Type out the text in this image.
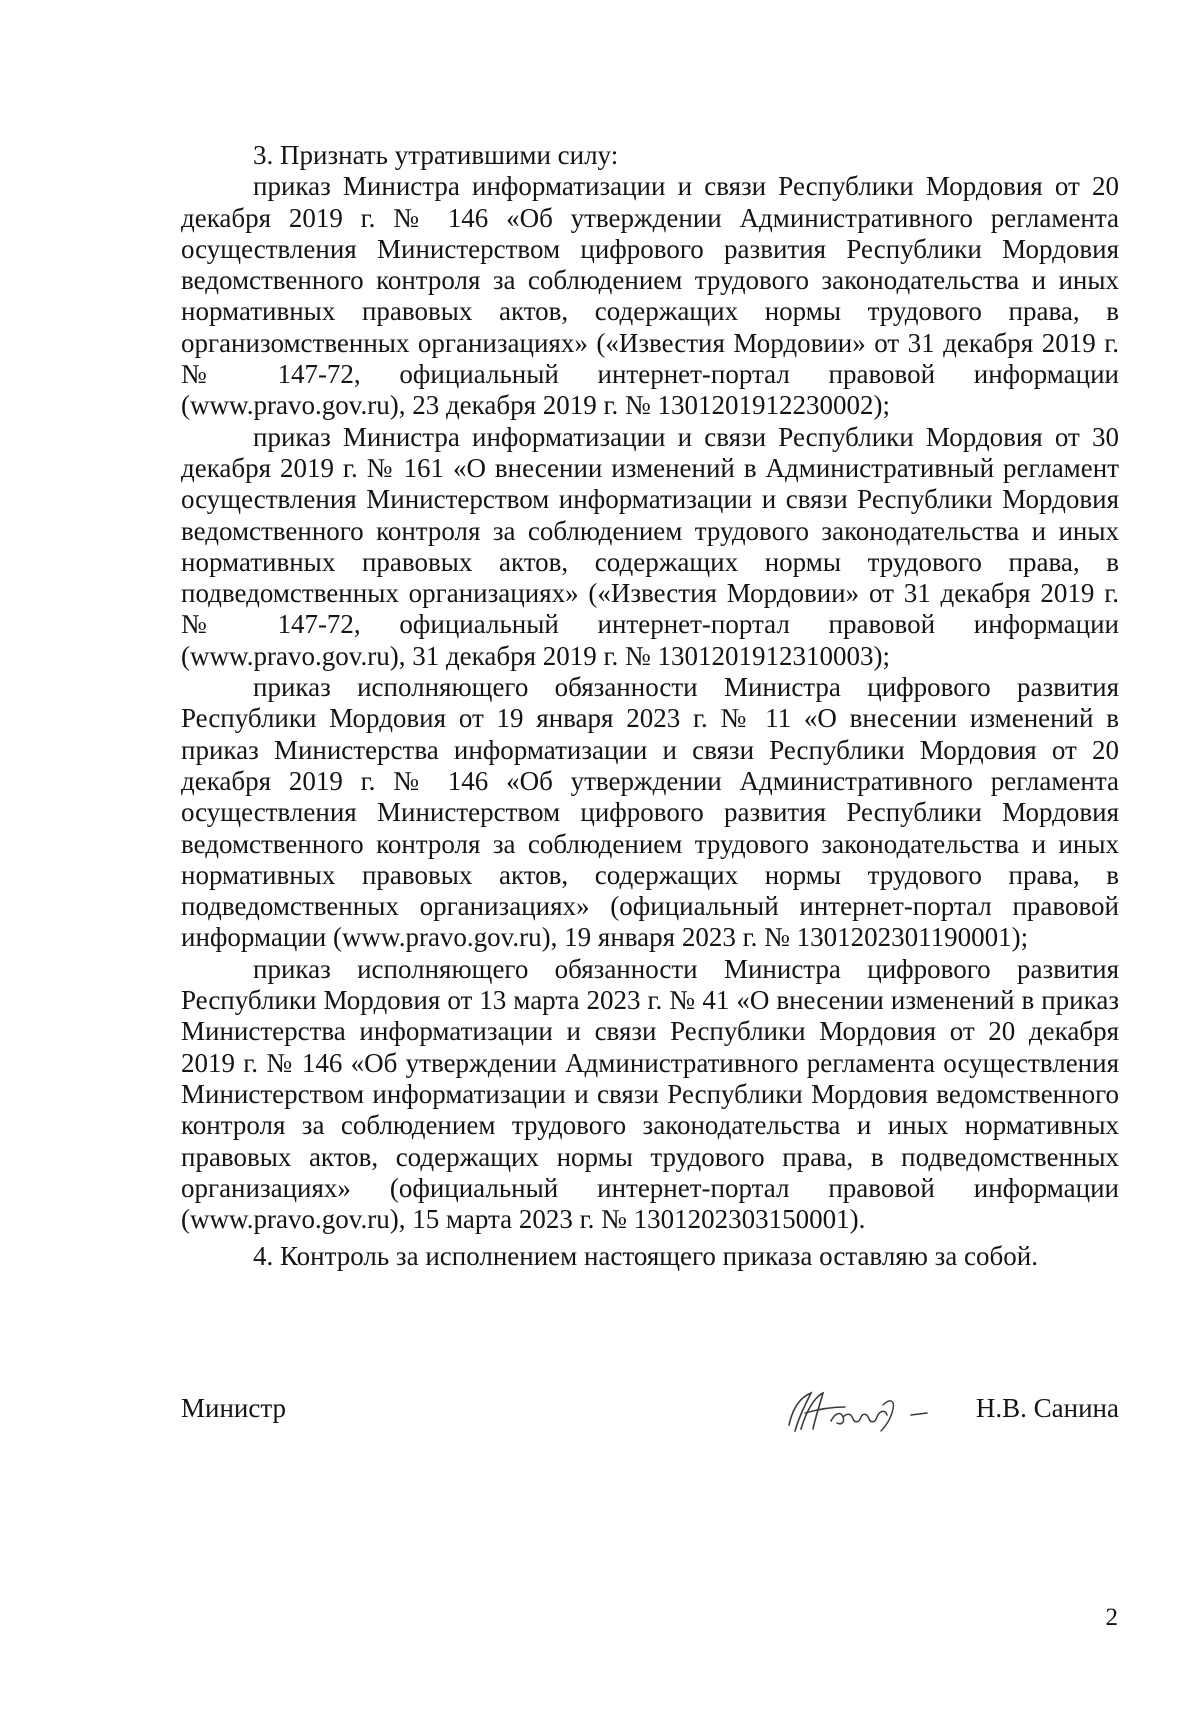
3. Признать утратившими силу:

приказ Министра информатизации и связи Республики Мордовия от 20 декабря 2019 г. № 146 «Об утверждении Административного регламента осуществления Министерством цифрового развития Республики Мордовия ведомственного контроля за соблюдением трудового законодательства и иных нормативных правовых актов, содержащих нормы трудового права, в организомственных организациях» («Известия Мордовии» от 31 декабря 2019 г. № 147-72, официальный интернет-портал правовой информации (www.pravo.gov.ru), 23 декабря 2019 г. № 1301201912230002);

приказ Министра информатизации и связи Республики Мордовия от 30 декабря 2019 г. № 161 «О внесении изменений в Административный регламент осуществления Министерством информатизации и связи Республики Мордовия ведомственного контроля за соблюдением трудового законодательства и иных нормативных правовых актов, содержащих нормы трудового права, в подведомственных организациях» («Известия Мордовии» от 31 декабря 2019 г. № 147-72, официальный интернет-портал правовой информации (www.pravo.gov.ru), 31 декабря 2019 г. № 1301201912310003);

приказ исполняющего обязанности Министра цифрового развития Республики Мордовия от 19 января 2023 г. № 11 «О внесении изменений в приказ Министерства информатизации и связи Республики Мордовия от 20 декабря 2019 г. № 146 «Об утверждении Административного регламента осуществления Министерством цифрового развития Республики Мордовия ведомственного контроля за соблюдением трудового законодательства и иных нормативных правовых актов, содержащих нормы трудового права, в подведомственных организациях» (официальный интернет-портал правовой информации (www.pravo.gov.ru), 19 января 2023 г. № 1301202301190001);

приказ исполняющего обязанности Министра цифрового развития Республики Мордовия от 13 марта 2023 г. № 41 «О внесении изменений в приказ Министерства информатизации и связи Республики Мордовия от 20 декабря 2019 г. № 146 «Об утверждении Административного регламента осуществления Министерством информатизации и связи Республики Мордовия ведомственного контроля за соблюдением трудового законодательства и иных нормативных правовых актов, содержащих нормы трудового права, в подведомственных организациях» (официальный интернет-портал правовой информации (www.pravo.gov.ru), 15 марта 2023 г. № 1301202303150001).

4. Контроль за исполнением настоящего приказа оставляю за собой.

Министр	Н.В. Санина
2
